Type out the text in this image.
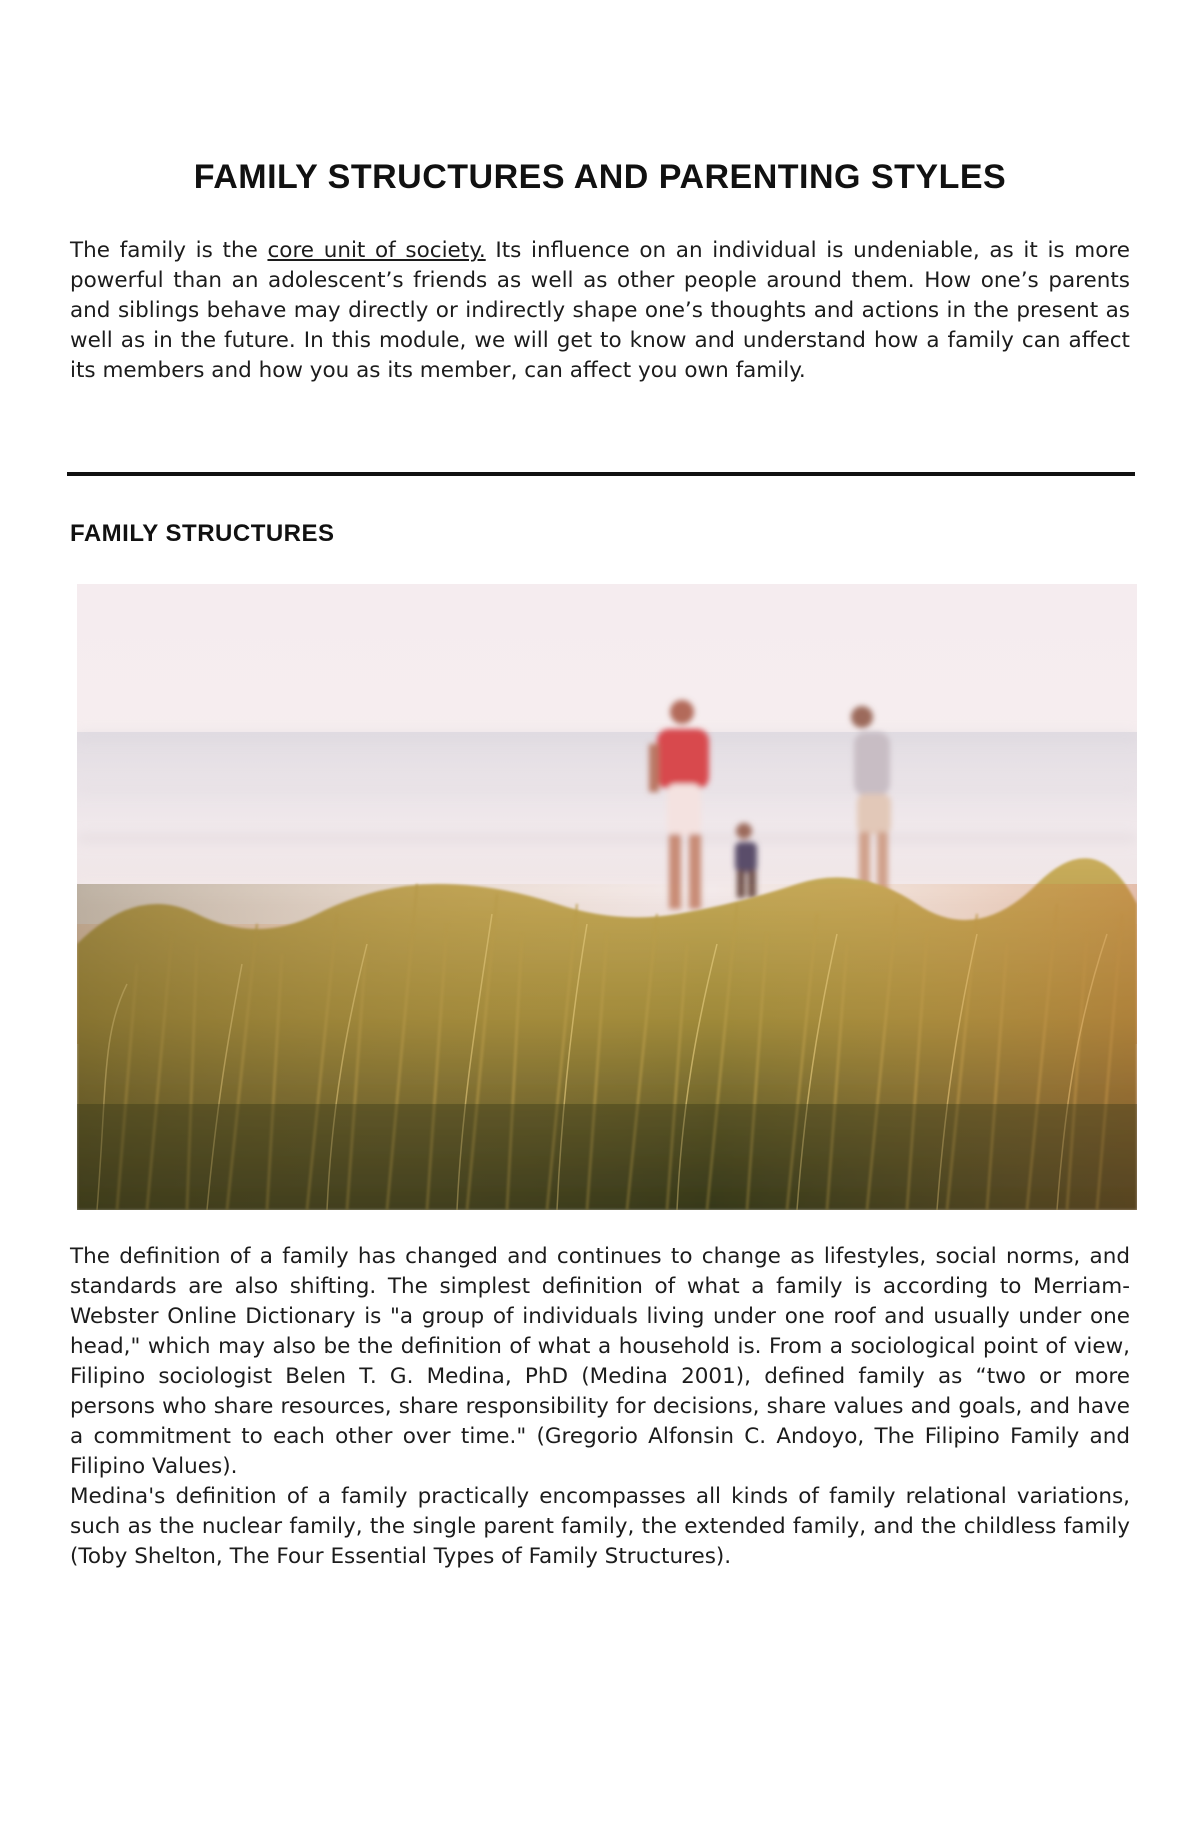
FAMILY STRUCTURES AND PARENTING STYLES

The family is the core unit of society. Its influence on an individual is undeniable, as it is more powerful than an adolescent’s friends as well as other people around them. How one’s parents and siblings behave may directly or indirectly shape one’s thoughts and actions in the present as well as in the future. In this module, we will get to know and understand how a family can affect its members and how you as its member, can affect you own family.

FAMILY STRUCTURES

The definition of a family has changed and continues to change as lifestyles, social norms, and standards are also shifting. The simplest definition of what a family is according to Merriam-Webster Online Dictionary is "a group of individuals living under one roof and usually under one head," which may also be the definition of what a household is. From a sociological point of view, Filipino sociologist Belen T. G. Medina, PhD (Medina 2001), defined family as “two or more persons who share resources, share responsibility for decisions, share values and goals, and have a commitment to each other over time." (Gregorio Alfonsin C. Andoyo, The Filipino Family and Filipino Values).

Medina's definition of a family practically encompasses all kinds of family relational variations, such as the nuclear family, the single parent family, the extended family, and the childless family (Toby Shelton, The Four Essential Types of Family Structures).
